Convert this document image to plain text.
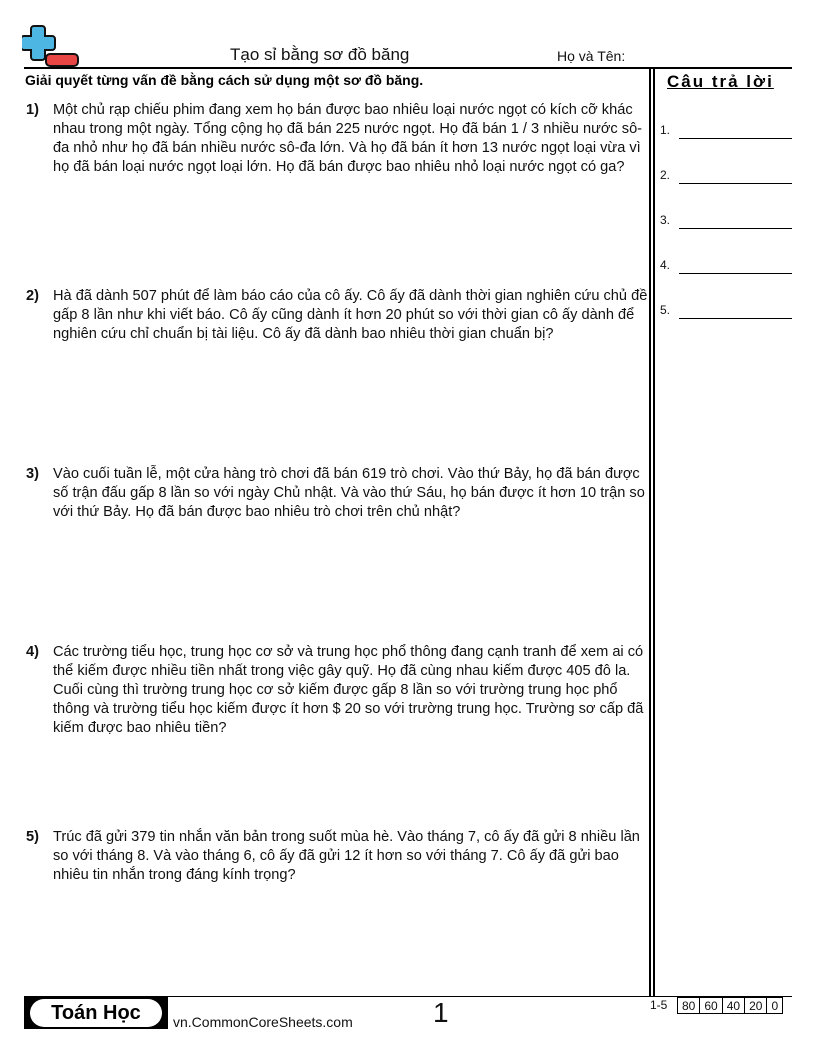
Tạo sỉ bằng sơ đồ băng	Họ và Tên:
Giải quyết từng vấn đề bằng cách sử dụng một sơ đồ băng.	Câu trả lời
1.
2.
3.
4.
5.
1) Một chủ rạp chiếu phim đang xem họ bán được bao nhiêu loại nước ngọt có kích cỡ khác nhau trong một ngày. Tổng cộng họ đã bán 225 nước ngọt. Họ đã bán 1 / 3 nhiều nước sô-đa nhỏ như họ đã bán nhiều nước sô-đa lớn. Và họ đã bán ít hơn 13 nước ngọt loại vừa vì họ đã bán loại nước ngọt loại lớn. Họ đã bán được bao nhiêu nhỏ loại nước ngọt có ga?
2) Hà đã dành 507 phút để làm báo cáo của cô ấy. Cô ấy đã dành thời gian nghiên cứu chủ đề gấp 8 lần như khi viết báo. Cô ấy cũng dành ít hơn 20 phút so với thời gian cô ấy dành để nghiên cứu chỉ chuẩn bị tài liệu. Cô ấy đã dành bao nhiêu thời gian chuẩn bị?
3) Vào cuối tuần lễ, một cửa hàng trò chơi đã bán 619 trò chơi. Vào thứ Bảy, họ đã bán được số trận đấu gấp 8 lần so với ngày Chủ nhật. Và vào thứ Sáu, họ bán được ít hơn 10 trận so với thứ Bảy. Họ đã bán được bao nhiêu trò chơi trên chủ nhật?
4) Các trường tiểu học, trung học cơ sở và trung học phổ thông đang cạnh tranh để xem ai có thể kiếm được nhiều tiền nhất trong việc gây quỹ. Họ đã cùng nhau kiếm được 405 đô la. Cuối cùng thì trường trung học cơ sở kiếm được gấp 8 lần so với trường trung học phổ thông và trường tiểu học kiếm được ít hơn $ 20 so với trường trung học. Trường sơ cấp đã kiếm được bao nhiêu tiền?
5) Trúc đã gửi 379 tin nhắn văn bản trong suốt mùa hè. Vào tháng 7, cô ấy đã gửi 8 nhiều lần so với tháng 8. Và vào tháng 6, cô ấy đã gửi 12 ít hơn so với tháng 7. Cô ấy đã gửi bao nhiêu tin nhắn trong đáng kính trọng?
Toán Học	vn.CommonCoreSheets.com	1	1-5 80	60	40	20	0
